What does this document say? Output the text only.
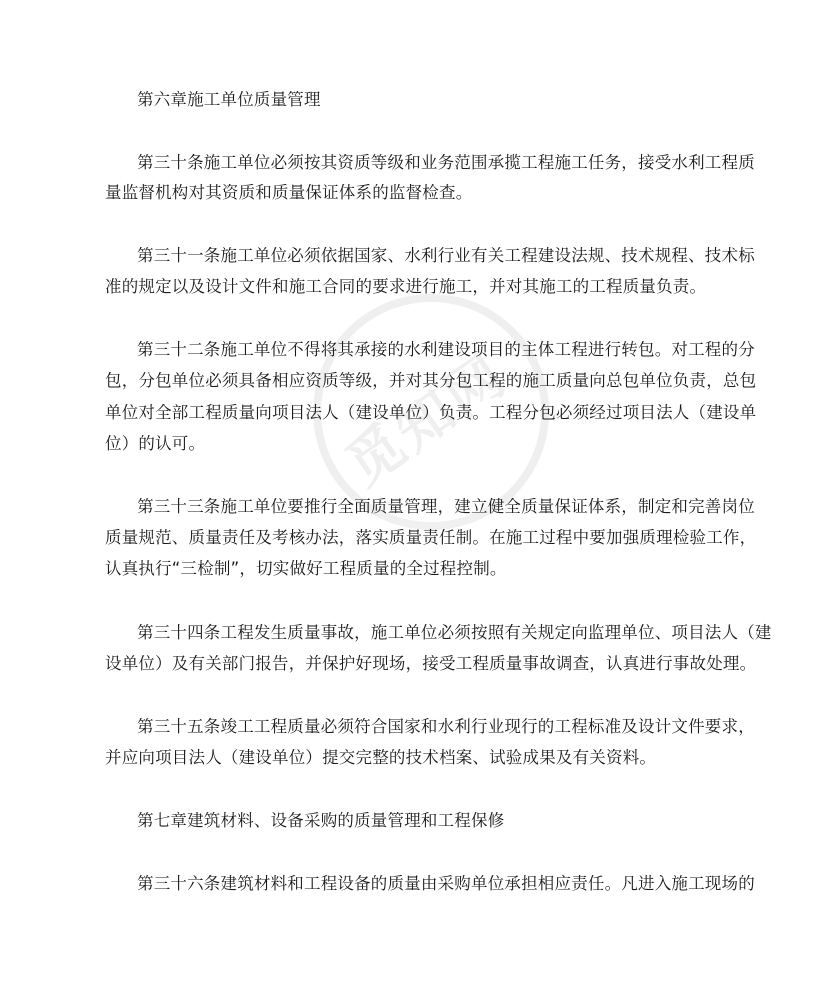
觅知网
第六章施工单位质量管理
第三十条施工单位必须按其资质等级和业务范围承揽工程施工任务，接受水利工程质
量监督机构对其资质和质量保证体系的监督检查。
第三十一条施工单位必须依据国家、水利行业有关工程建设法规、技术规程、技术标
准的规定以及设计文件和施工合同的要求进行施工，并对其施工的工程质量负责。
第三十二条施工单位不得将其承接的水利建设项目的主体工程进行转包。对工程的分
包，分包单位必须具备相应资质等级，并对其分包工程的施工质量向总包单位负责，总包
单位对全部工程质量向项目法人（建设单位）负责。工程分包必须经过项目法人（建设单
位）的认可。
第三十三条施工单位要推行全面质量管理，建立健全质量保证体系，制定和完善岗位
质量规范、质量责任及考核办法，落实质量责任制。在施工过程中要加强质理检验工作，
认真执行“三检制”，切实做好工程质量的全过程控制。
第三十四条工程发生质量事故，施工单位必须按照有关规定向监理单位、项目法人（建
设单位）及有关部门报告，并保护好现场，接受工程质量事故调查，认真进行事故处理。
第三十五条竣工工程质量必须符合国家和水利行业现行的工程标准及设计文件要求，
并应向项目法人（建设单位）提交完整的技术档案、试验成果及有关资料。
第七章建筑材料、设备采购的质量管理和工程保修
第三十六条建筑材料和工程设备的质量由采购单位承担相应责任。凡进入施工现场的
